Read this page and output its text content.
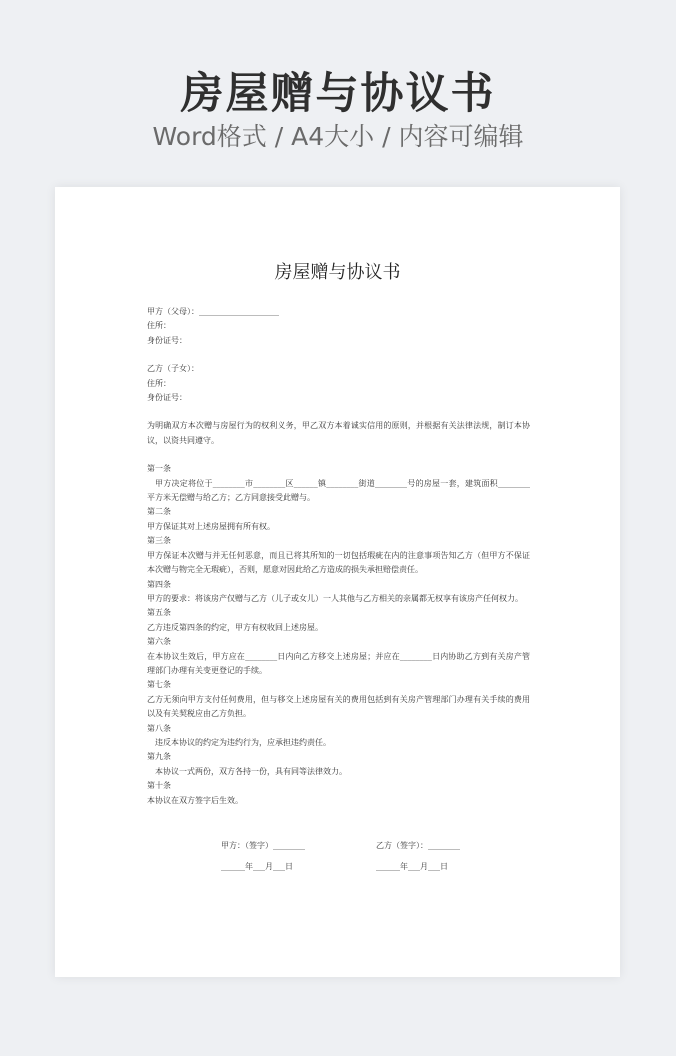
房屋赠与协议书
Word格式 / A4大小 / 内容可编辑
房屋赠与协议书

甲方（父母）：____________________

住所：

身份证号：

乙方（子女）：

住所：

身份证号：

为明确双方本次赠与房屋行为的权利义务，甲乙双方本着诚实信用的原则，并根据有关法律法规，制订本协议，以资共同遵守。

第一条

甲方决定将位于________市________区______镇________街道________号的房屋一套，建筑面积________平方米无偿赠与给乙方；乙方同意接受此赠与。

第二条

甲方保证其对上述房屋拥有所有权。

第三条

甲方保证本次赠与并无任何恶意，而且已将其所知的一切包括瑕疵在内的注意事项告知乙方（但甲方不保证本次赠与物完全无瑕疵），否则，愿意对因此给乙方造成的损失承担赔偿责任。

第四条

甲方的要求：将该房产仅赠与乙方（儿子或女儿）一人其他与乙方相关的亲属都无权享有该房产任何权力。

第五条

乙方违反第四条的约定，甲方有权收回上述房屋。

第六条

在本协议生效后，甲方应在________日内向乙方移交上述房屋；并应在________日内协助乙方到有关房产管理部门办理有关变更登记的手续。

第七条

乙方无须向甲方支付任何费用，但与移交上述房屋有关的费用包括到有关房产管理部门办理有关手续的费用以及有关契税应由乙方负担。

第八条

违反本协议的约定为违约行为，应承担违约责任。

第九条

本协议一式两份，双方各持一份，具有同等法律效力。

第十条

本协议在双方签字后生效。

甲方：（签字）________	乙方（签字）：________
______年___月___日	______年___月___日
